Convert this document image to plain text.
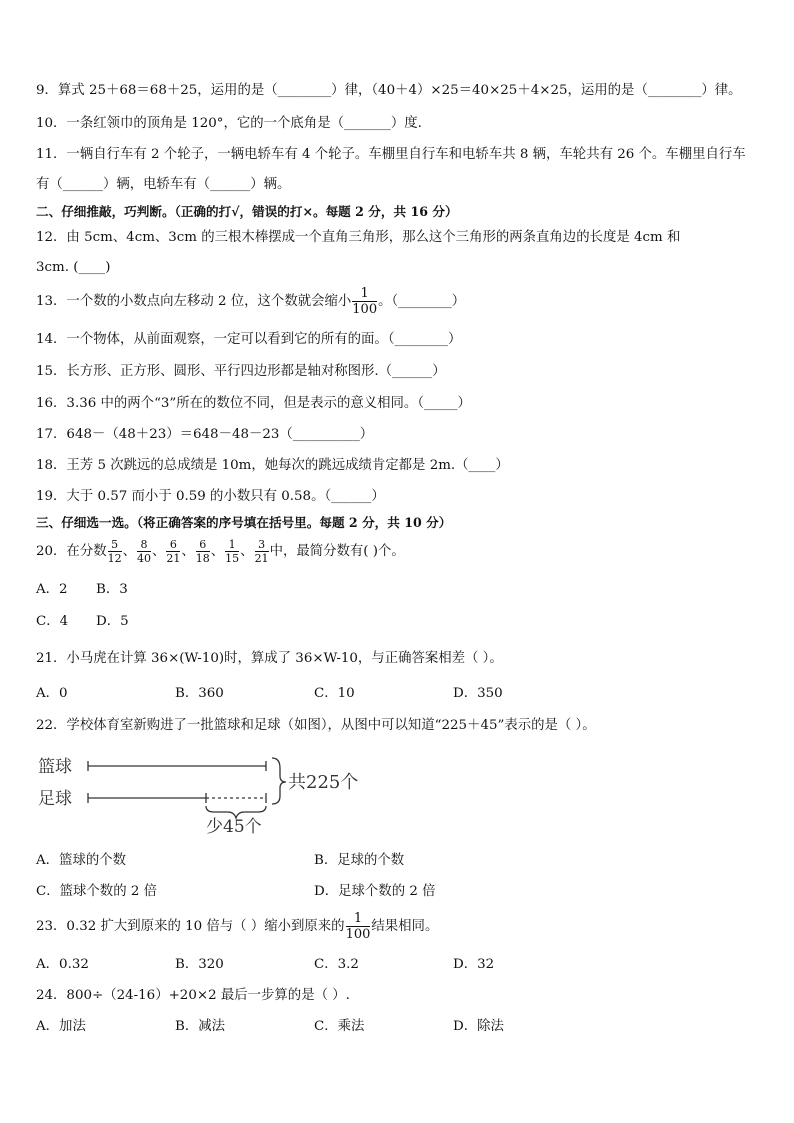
9．算式 25＋68＝68＋25，运用的是（________）律，（40＋4）×25＝40×25＋4×25，运用的是（________）律。
10．一条红领巾的顶角是 120°，它的一个底角是（_______）度.
11．一辆自行车有 2 个轮子，一辆电轿车有 4 个轮子。车棚里自行车和电轿车共 8 辆，车轮共有 26 个。车棚里自行车
有（______）辆，电轿车有（______）辆。
二、仔细推敲，巧判断。（正确的打√，错误的打×。每题 2 分，共 16 分）
12．由 5cm、4cm、3cm 的三根木棒摆成一个直角三角形，那么这个三角形的两条直角边的长度是 4cm 和
3cm. (____)
13．一个数的小数点向左移动 2 位，这个数就会缩小 $\frac{1}{100}$ 。（________）
14．一个物体，从前面观察，一定可以看到它的所有的面。（________）
15．长方形、正方形、圆形、平行四边形都是轴对称图形.（______）
16．3.36 中的两个“3”所在的数位不同，但是表示的意义相同。（_____）
17．648－（48＋23）＝648－48－23（__________）
18．王芳 5 次跳远的总成绩是 10m，她每次的跳远成绩肯定都是 2m.（____）
19．大于 0.57 而小于 0.59 的小数只有 0.58。（______）
三、仔细选一选。（将正确答案的序号填在括号里。每题 2 分，共 10 分）
20．在分数 $\frac{5}{12}$ 、 $\frac{8}{40}$ 、 $\frac{6}{21}$ 、 $\frac{6}{18}$ 、 $\frac{1}{15}$ 、 $\frac{3}{21}$ 中，最简分数有( )个。
A．2 B．3
C．4 D．5
21．小马虎在计算 36×(W-10)时，算成了 36×W-10，与正确答案相差（ ）。
A．0	B．360	C．10	D．350
22．学校体育室新购进了一批篮球和足球（如图），从图中可以知道“225＋45”表示的是（ ）。
篮球
足球
共225个
少45个
A．篮球的个数	B．足球的个数
C．篮球个数的 2 倍	D．足球个数的 2 倍
23．0.32 扩大到原来的 10 倍与（ ）缩小到原来的 $\frac{1}{100}$ 结果相同。
A．0.32	B．320	C．3.2	D．32
24．800÷（24-16）+20×2 最后一步算的是（ ）.
A．加法	B．减法	C．乘法	D．除法
